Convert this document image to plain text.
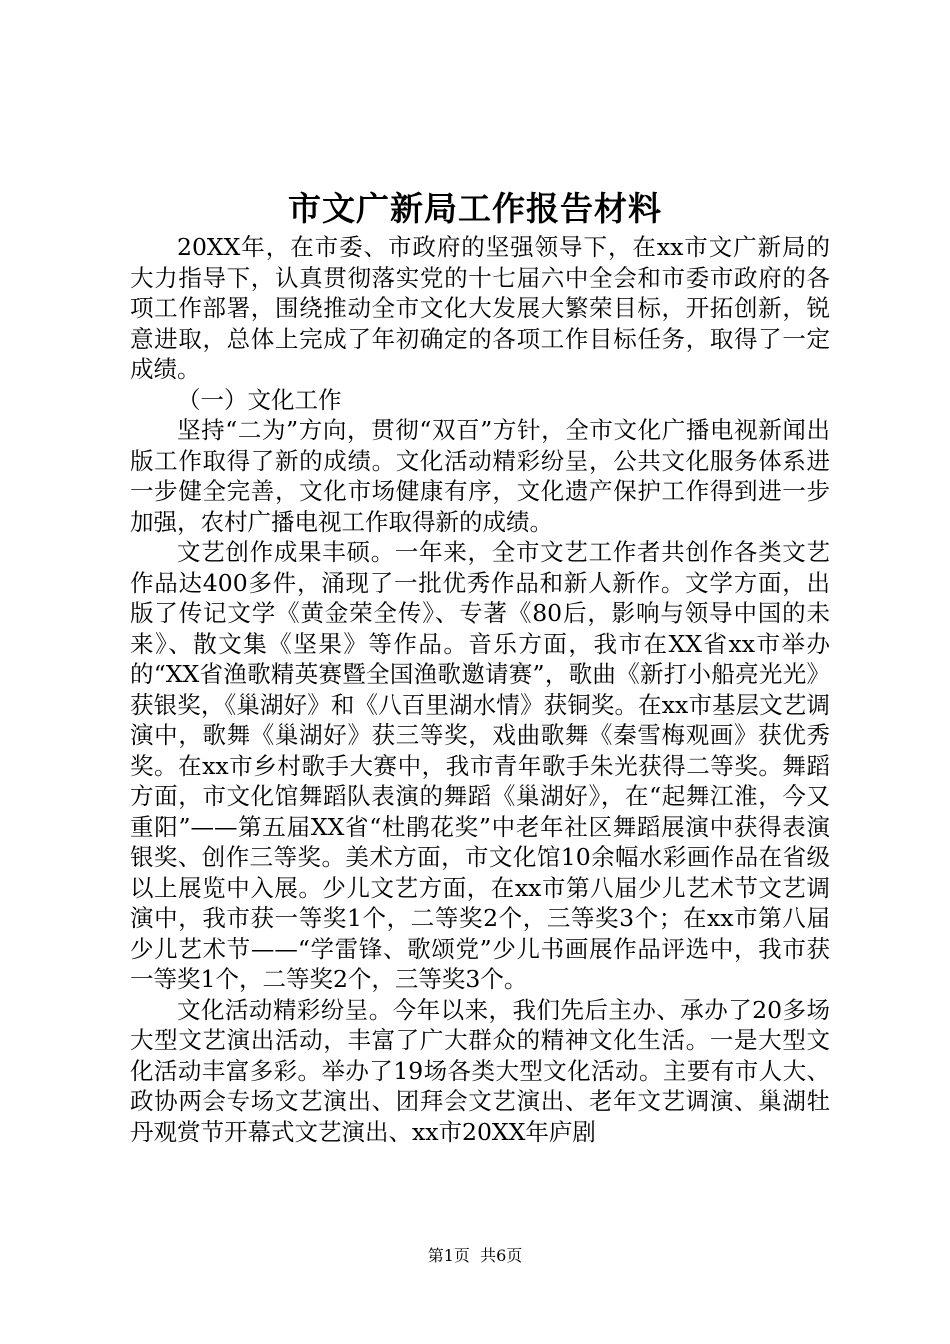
市文广新局工作报告材料

20XX年，在市委、市政府的坚强领导下，在xx市文广新局的大力指导下，认真贯彻落实党的十七届六中全会和市委市政府的各项工作部署，围绕推动全市文化大发展大繁荣目标，开拓创新，锐意进取，总体上完成了年初确定的各项工作目标任务，取得了一定成绩。

（一）文化工作

坚持“二为”方向，贯彻“双百”方针，全市文化广播电视新闻出版工作取得了新的成绩。文化活动精彩纷呈，公共文化服务体系进一步健全完善，文化市场健康有序，文化遗产保护工作得到进一步加强，农村广播电视工作取得新的成绩。

文艺创作成果丰硕。一年来，全市文艺工作者共创作各类文艺作品达400多件，涌现了一批优秀作品和新人新作。文学方面，出版了传记文学《黄金荣全传》、专著《80后，影响与领导中国的未来》、散文集《坚果》等作品。音乐方面，我市在XX省xx市举办的“XX省渔歌精英赛暨全国渔歌邀请赛”，歌曲《新打小船亮光光》获银奖，《巢湖好》和《八百里湖水情》获铜奖。在xx市基层文艺调演中，歌舞《巢湖好》获三等奖，戏曲歌舞《秦雪梅观画》获优秀奖。在xx市乡村歌手大赛中，我市青年歌手朱光获得二等奖。舞蹈方面，市文化馆舞蹈队表演的舞蹈《巢湖好》，在“起舞江淮，今又重阳”——第五届XX省“杜鹃花奖”中老年社区舞蹈展演中获得表演银奖、创作三等奖。美术方面，市文化馆10余幅水彩画作品在省级以上展览中入展。少儿文艺方面，在xx市第八届少儿艺术节文艺调演中，我市获一等奖1个，二等奖2个，三等奖3个；在xx市第八届少儿艺术节——“学雷锋、歌颂党”少儿书画展作品评选中，我市获一等奖1个，二等奖2个，三等奖3个。

文化活动精彩纷呈。今年以来，我们先后主办、承办了20多场大型文艺演出活动，丰富了广大群众的精神文化生活。一是大型文化活动丰富多彩。举办了19场各类大型文化活动。主要有市人大、政协两会专场文艺演出、团拜会文艺演出、老年文艺调演、巢湖牡丹观赏节开幕式文艺演出、xx市20XX年庐剧

第1页 共6页
